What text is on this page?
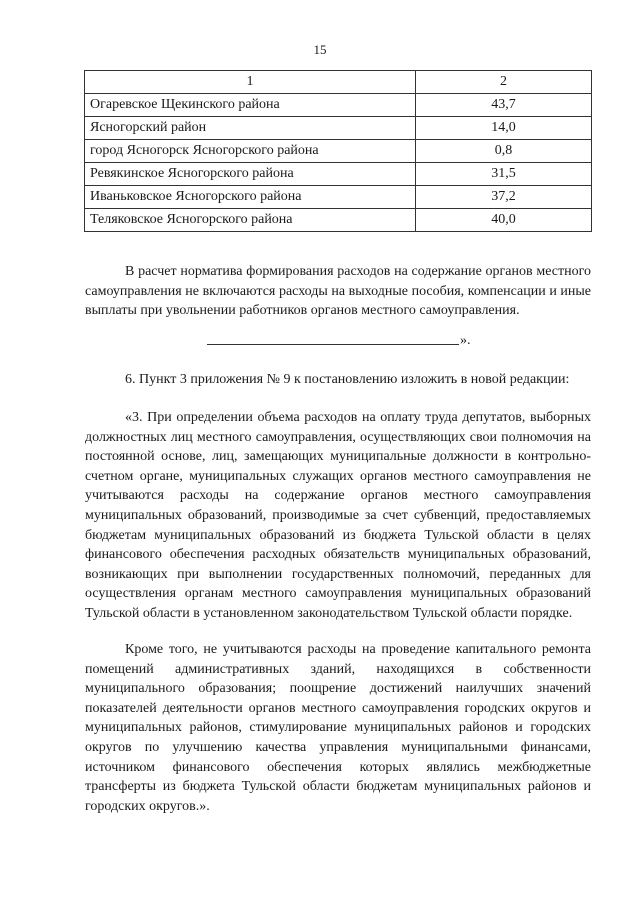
15
1	2
Огаревское Щекинского района	43,7
Ясногорский район	14,0
город Ясногорск Ясногорского района	0,8
Ревякинское Ясногорского района	31,5
Иваньковское Ясногорского района	37,2
Теляковское Ясногорского района	40,0

В расчет норматива формирования расходов на содержание органов местного самоуправления не включаются расходы на выходные пособия, компенсации и иные выплаты при увольнении работников органов местного самоуправления.

».

6. Пункт 3 приложения № 9 к постановлению изложить в новой редакции:

«3. При определении объема расходов на оплату труда депутатов, выборных должностных лиц местного самоуправления, осуществляющих свои полномочия на постоянной основе, лиц, замещающих муниципальные должности в контрольно-счетном органе, муниципальных служащих органов местного самоуправления не учитываются расходы на содержание органов местного самоуправления муниципальных образований, производимые за счет субвенций, предоставляемых бюджетам муниципальных образований из бюджета Тульской области в целях финансового обеспечения расходных обязательств муниципальных образований, возникающих при выполнении государственных полномочий, переданных для осуществления органам местного самоуправления муниципальных образований Тульской области в установленном законодательством Тульской области порядке.

Кроме того, не учитываются расходы на проведение капитального ремонта помещений административных зданий, находящихся в собственности муниципального образования; поощрение достижений наилучших значений показателей деятельности органов местного самоуправления городских округов и муниципальных районов, стимулирование муниципальных районов и городских округов по улучшению качества управления муниципальными финансами, источником финансового обеспечения которых являлись межбюджетные трансферты из бюджета Тульской области бюджетам муниципальных районов и городских округов.».
